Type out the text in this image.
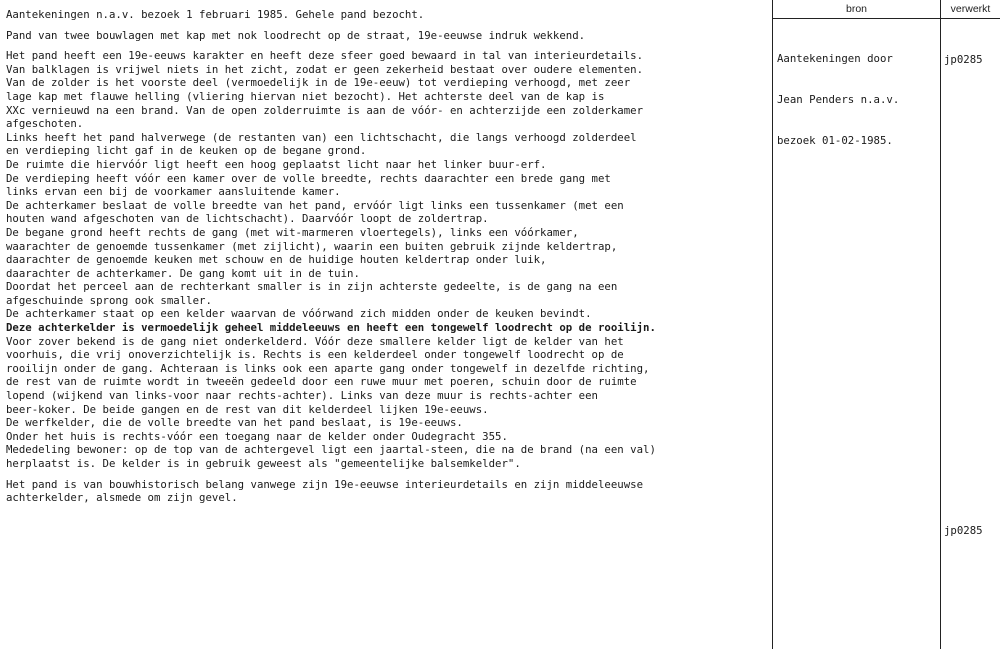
bron	verwerkt

Aantekeningen n.a.v. bezoek 1 februari 1985. Gehele pand bezocht.

Pand van twee bouwlagen met kap met nok loodrecht op de straat, 19e-eeuwse indruk wekkend.

Het pand heeft een 19e-eeuws karakter en heeft deze sfeer goed bewaard in tal van interieurdetails.

Van balklagen is vrijwel niets in het zicht, zodat er geen zekerheid bestaat over oudere elementen.

Van de zolder is het voorste deel (vermoedelijk in de 19e-eeuw) tot verdieping verhoogd, met zeer

lage kap met flauwe helling (vliering hiervan niet bezocht). Het achterste deel van de kap is

XXc vernieuwd na een brand. Van de open zolderruimte is aan de vóór- en achterzijde een zolderkamer

afgeschoten.

Links heeft het pand halverwege (de restanten van) een lichtschacht, die langs verhoogd zolderdeel

en verdieping licht gaf in de keuken op de begane grond.

De ruimte die hiervóór ligt heeft een hoog geplaatst licht naar het linker buur-erf.

De verdieping heeft vóór een kamer over de volle breedte, rechts daarachter een brede gang met

links ervan een bij de voorkamer aansluitende kamer.

De achterkamer beslaat de volle breedte van het pand, ervóór ligt links een tussenkamer (met een

houten wand afgeschoten van de lichtschacht). Daarvóór loopt de zoldertrap.

De begane grond heeft rechts de gang (met wit-marmeren vloertegels), links een vóórkamer,

waarachter de genoemde tussenkamer (met zijlicht), waarin een buiten gebruik zijnde keldertrap,

daarachter de genoemde keuken met schouw en de huidige houten keldertrap onder luik,

daarachter de achterkamer. De gang komt uit in de tuin.

Doordat het perceel aan de rechterkant smaller is in zijn achterste gedeelte, is de gang na een

afgeschuinde sprong ook smaller.

De achterkamer staat op een kelder waarvan de vóórwand zich midden onder de keuken bevindt.

Deze achterkelder is vermoedelijk geheel middeleeuws en heeft een tongewelf loodrecht op de rooilijn.

Voor zover bekend is de gang niet onderkelderd. Vóór deze smallere kelder ligt de kelder van het

voorhuis, die vrij onoverzichtelijk is. Rechts is een kelderdeel onder tongewelf loodrecht op de

rooilijn onder de gang. Achteraan is links ook een aparte gang onder tongewelf in dezelfde richting,

de rest van de ruimte wordt in tweeën gedeeld door een ruwe muur met poeren, schuin door de ruimte

lopend (wijkend van links-voor naar rechts-achter). Links van deze muur is rechts-achter een

beer-koker. De beide gangen en de rest van dit kelderdeel lijken 19e-eeuws.

De werfkelder, die de volle breedte van het pand beslaat, is 19e-eeuws.

Onder het huis is rechts-vóór een toegang naar de kelder onder Oudegracht 355.

Mededeling bewoner: op de top van de achtergevel ligt een jaartal-steen, die na de brand (na een val)

herplaatst is. De kelder is in gebruik geweest als "gemeentelijke balsemkelder".

Het pand is van bouwhistorisch belang vanwege zijn 19e-eeuwse interieurdetails en zijn middeleeuwse

achterkelder, alsmede om zijn gevel.

Aantekeningen door

Jean Penders n.a.v.

bezoek 01-02-1985.

jp0285
jp0285
